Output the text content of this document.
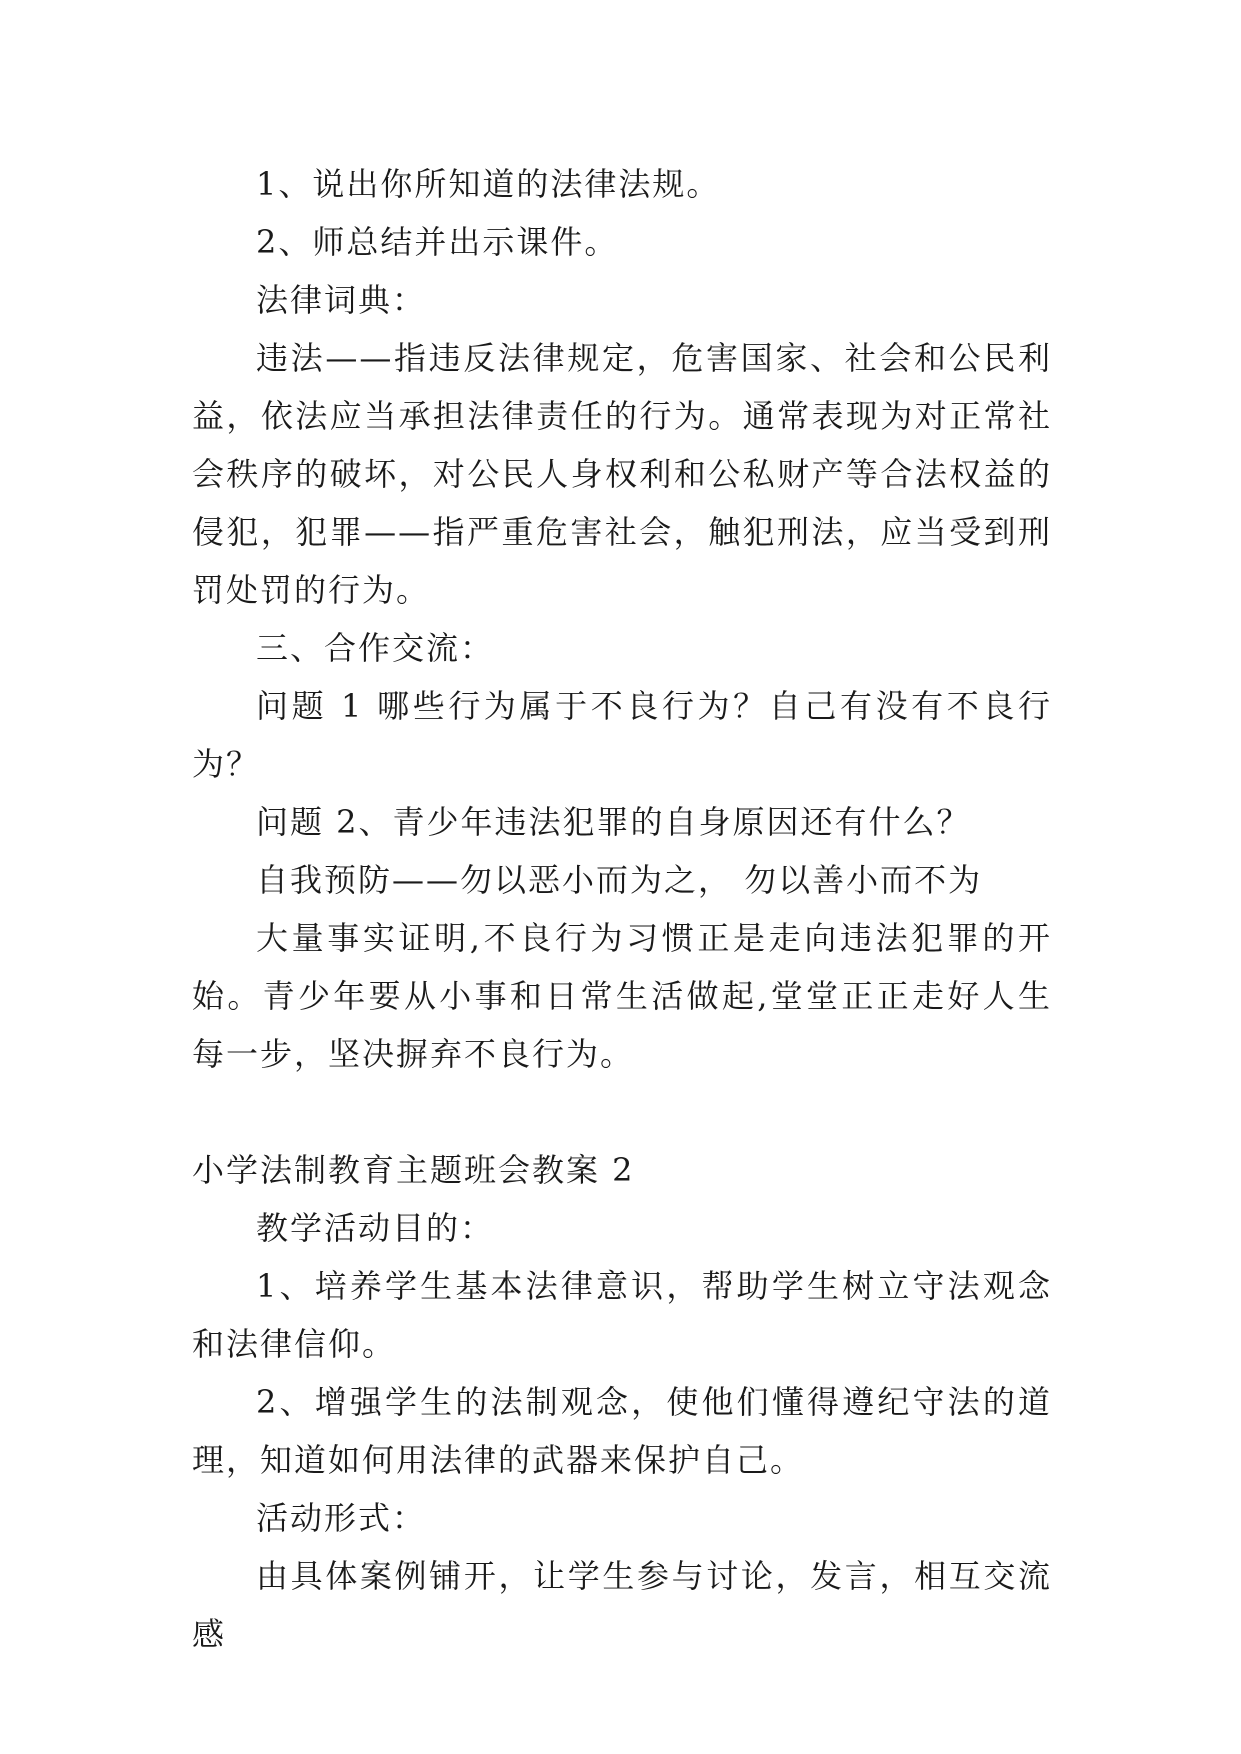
1、说出你所知道的法律法规。

2、师总结并出示课件。

法律词典：

违法——指违反法律规定，危害国家、社会和公民利益，依法应当承担法律责任的行为。通常表现为对正常社会秩序的破坏，对公民人身权利和公私财产等合法权益的侵犯，犯罪——指严重危害社会，触犯刑法，应当受到刑罚处罚的行为。

三、合作交流：

问题 1 哪些行为属于不良行为？自己有没有不良行为？

问题 2、青少年违法犯罪的自身原因还有什么？

自我预防——勿以恶小而为之， 勿以善小而不为

大量事实证明,不良行为习惯正是走向违法犯罪的开始。青少年要从小事和日常生活做起,堂堂正正走好人生每一步，坚决摒弃不良行为。

小学法制教育主题班会教案 2

教学活动目的：

1、培养学生基本法律意识，帮助学生树立守法观念和法律信仰。

2、增强学生的法制观念，使他们懂得遵纪守法的道理，知道如何用法律的武器来保护自己。

活动形式：

由具体案例铺开，让学生参与讨论，发言，相互交流感
